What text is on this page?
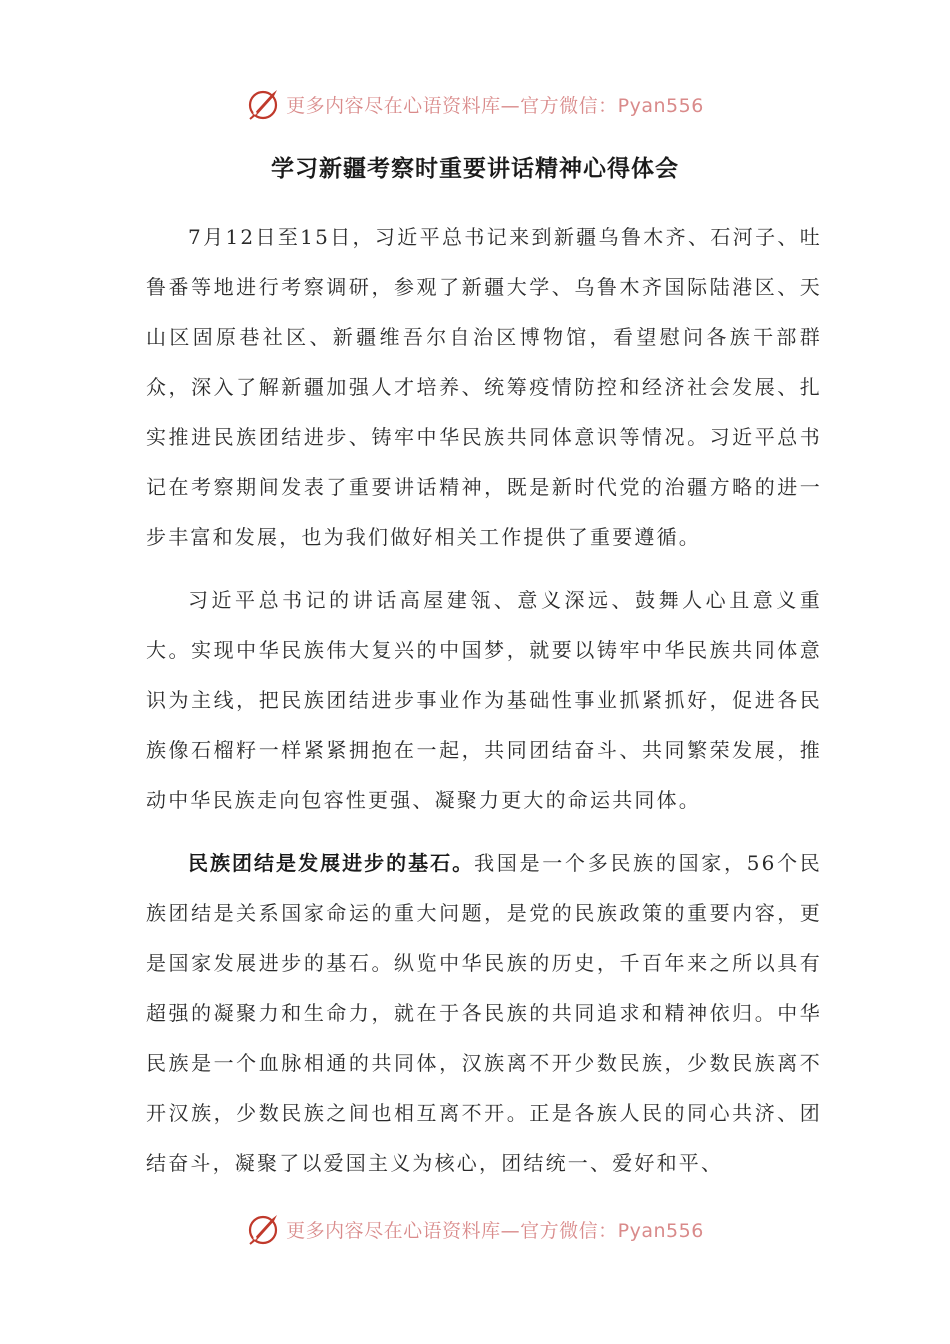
更多内容尽在心语资料库—官方微信：Pyan556
学习新疆考察时重要讲话精神心得体会

7月12日至15日，习近平总书记来到新疆乌鲁木齐、石河子、吐鲁番等地进行考察调研，参观了新疆大学、乌鲁木齐国际陆港区、天山区固原巷社区、新疆维吾尔自治区博物馆，看望慰问各族干部群众，深入了解新疆加强人才培养、统筹疫情防控和经济社会发展、扎实推进民族团结进步、铸牢中华民族共同体意识等情况。习近平总书记在考察期间发表了重要讲话精神，既是新时代党的治疆方略的进一步丰富和发展，也为我们做好相关工作提供了重要遵循。

习近平总书记的讲话高屋建瓴、意义深远、鼓舞人心且意义重大。实现中华民族伟大复兴的中国梦，就要以铸牢中华民族共同体意识为主线，把民族团结进步事业作为基础性事业抓紧抓好，促进各民族像石榴籽一样紧紧拥抱在一起，共同团结奋斗、共同繁荣发展，推动中华民族走向包容性更强、凝聚力更大的命运共同体。

民族团结是发展进步的基石。我国是一个多民族的国家，56个民族团结是关系国家命运的重大问题，是党的民族政策的重要内容，更是国家发展进步的基石。纵览中华民族的历史，千百年来之所以具有超强的凝聚力和生命力，就在于各民族的共同追求和精神依归。中华民族是一个血脉相通的共同体，汉族离不开少数民族，少数民族离不开汉族，少数民族之间也相互离不开。正是各族人民的同心共济、团结奋斗，凝聚了以爱国主义为核心，团结统一、爱好和平、

更多内容尽在心语资料库—官方微信：Pyan556
